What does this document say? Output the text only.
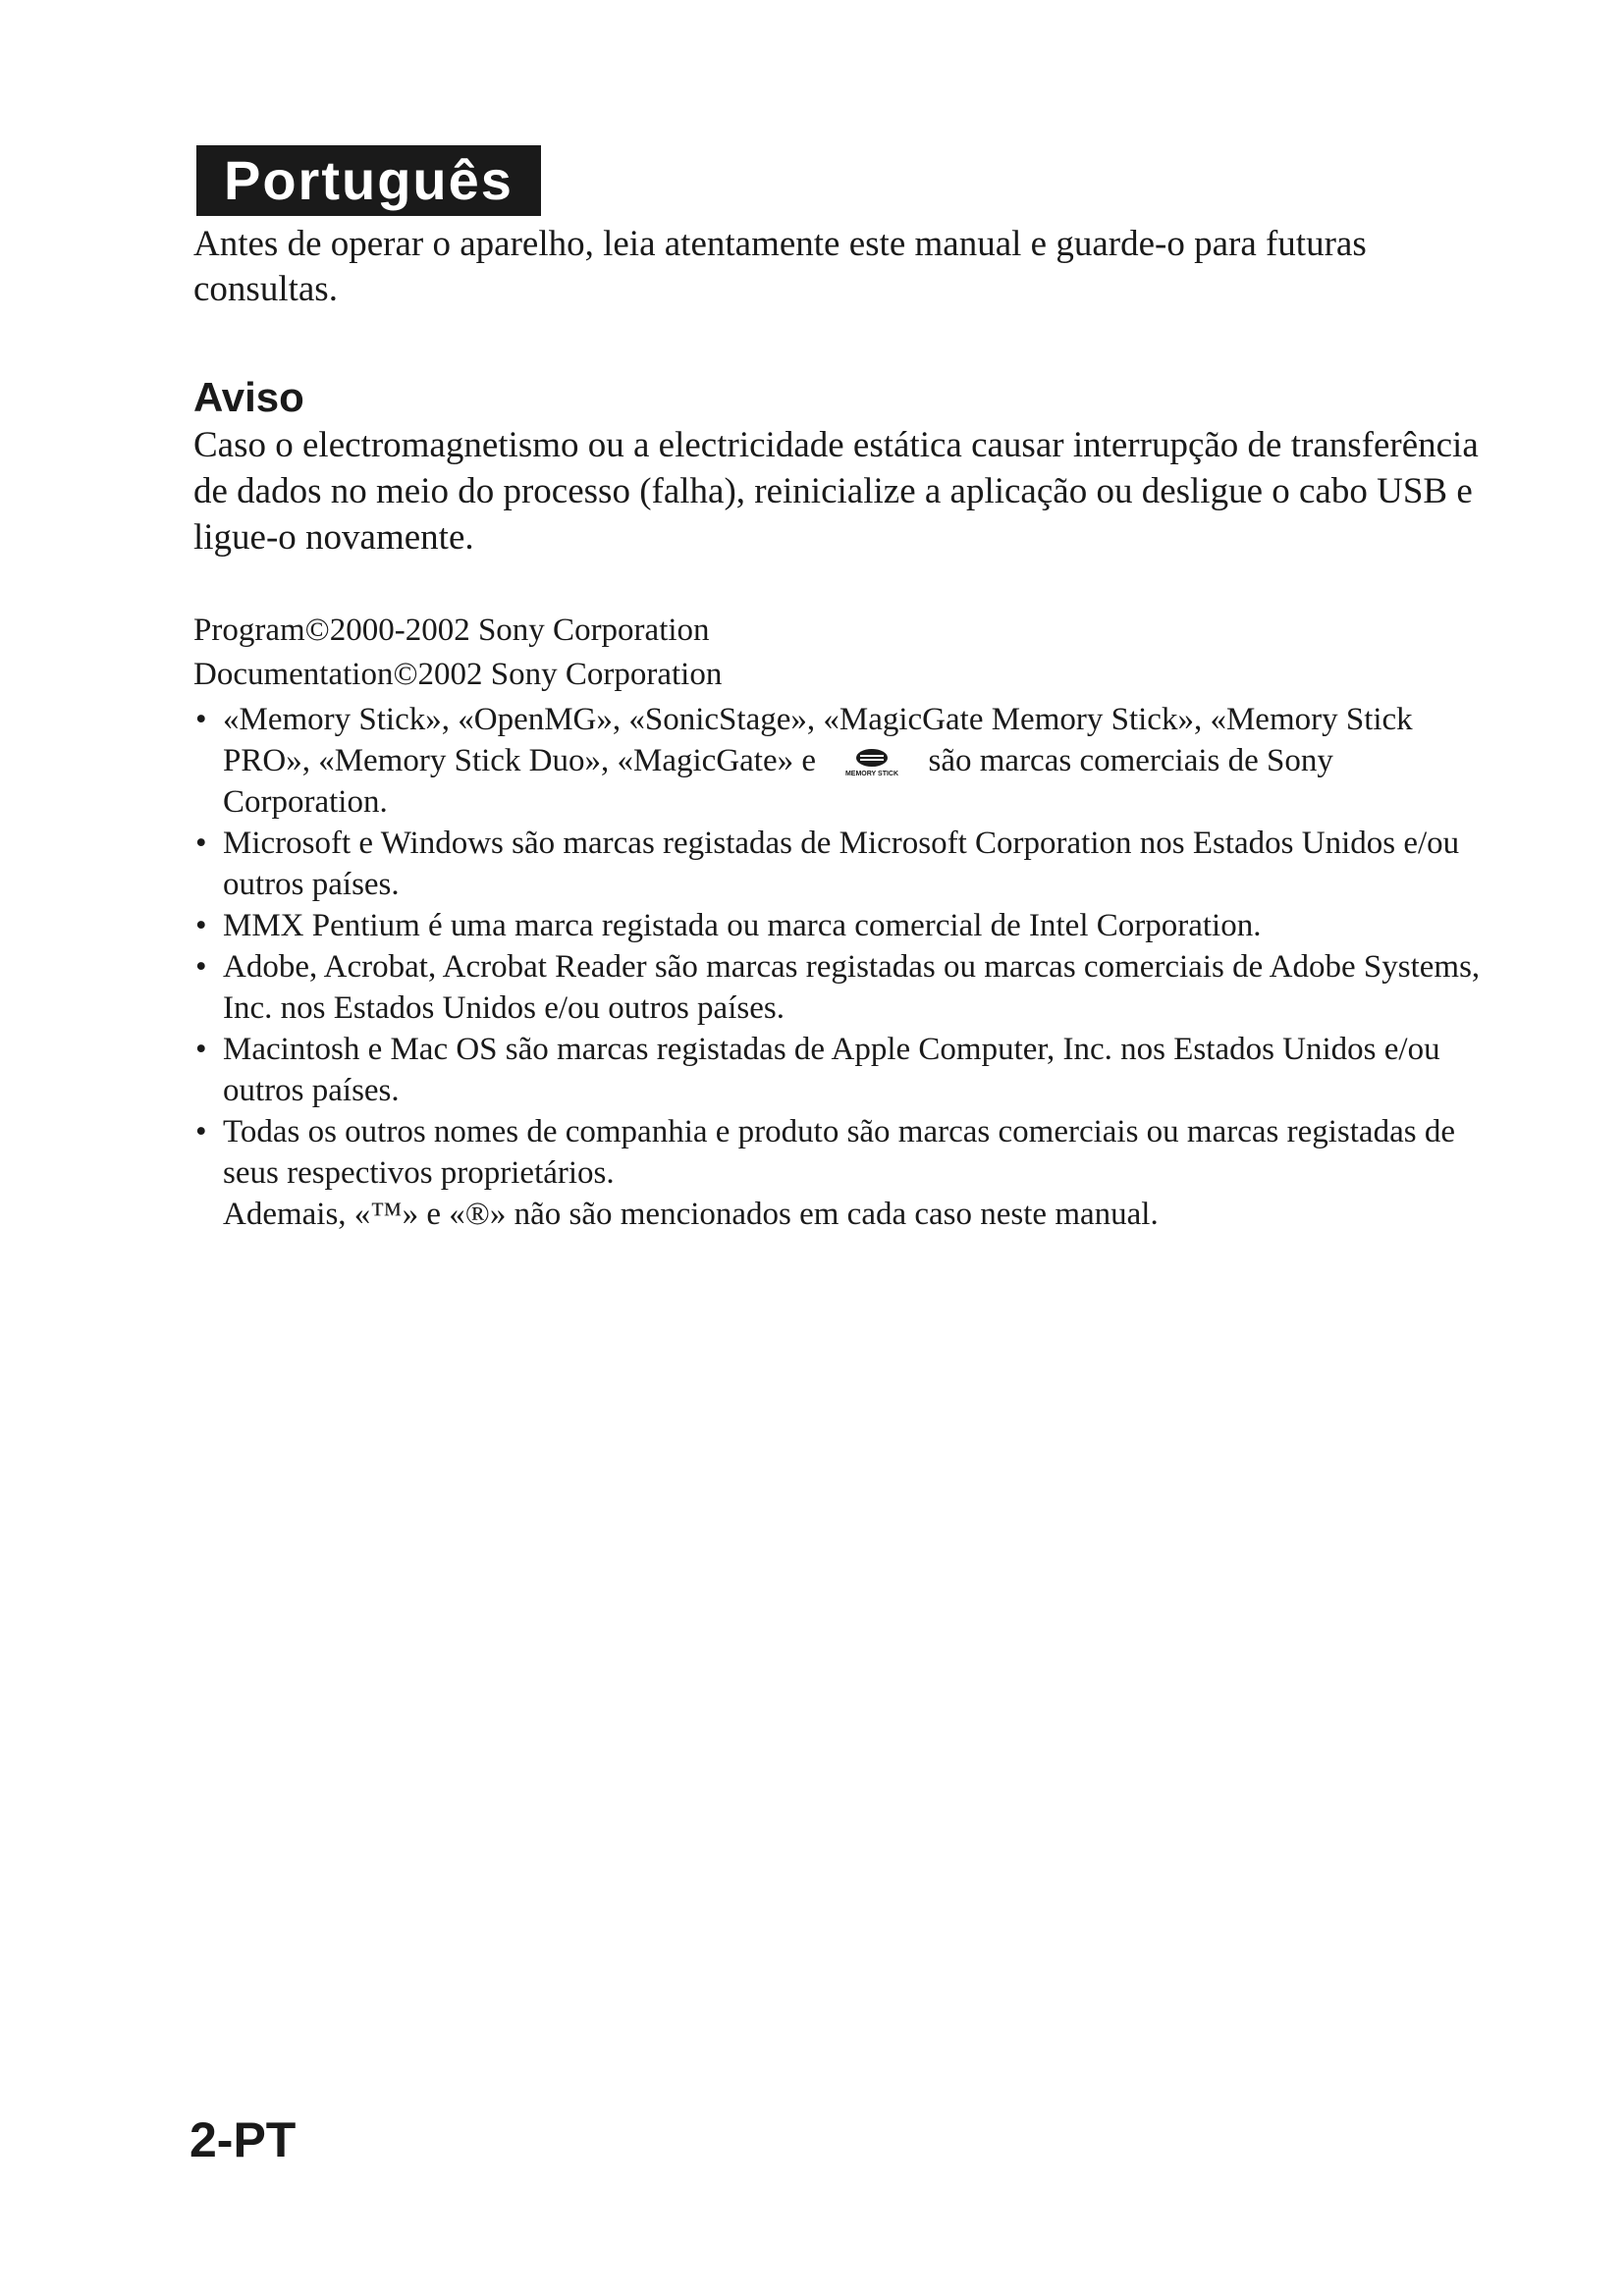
Português
Antes de operar o aparelho, leia atentamente este manual e guarde-o para futuras consultas.
Aviso
Caso o electromagnetismo ou a electricidade estática causar interrupção de transferência de dados no meio do processo (falha), reinicialize a aplicação ou desligue o cabo USB e ligue-o novamente.
Program©2000-2002 Sony Corporation
Documentation©2002 Sony Corporation
• «Memory Stick», «OpenMG», «SonicStage», «MagicGate Memory Stick», «Memory Stick PRO», «Memory Stick Duo», «MagicGate» e	MEMORY STICK são marcas comerciais de Sony Corporation.
• Microsoft e Windows são marcas registadas de Microsoft Corporation nos Estados Unidos e/ou outros países.
• MMX Pentium é uma marca registada ou marca comercial de Intel Corporation.
• Adobe, Acrobat, Acrobat Reader são marcas registadas ou marcas comerciais de Adobe Systems, Inc. nos Estados Unidos e/ou outros países.
• Macintosh e Mac OS são marcas registadas de Apple Computer, Inc. nos Estados Unidos e/ou outros países.
• Todas os outros nomes de companhia e produto são marcas comerciais ou marcas registadas de seus respectivos proprietários.
Ademais, «™» e «®» não são mencionados em cada caso neste manual.
2-PT
